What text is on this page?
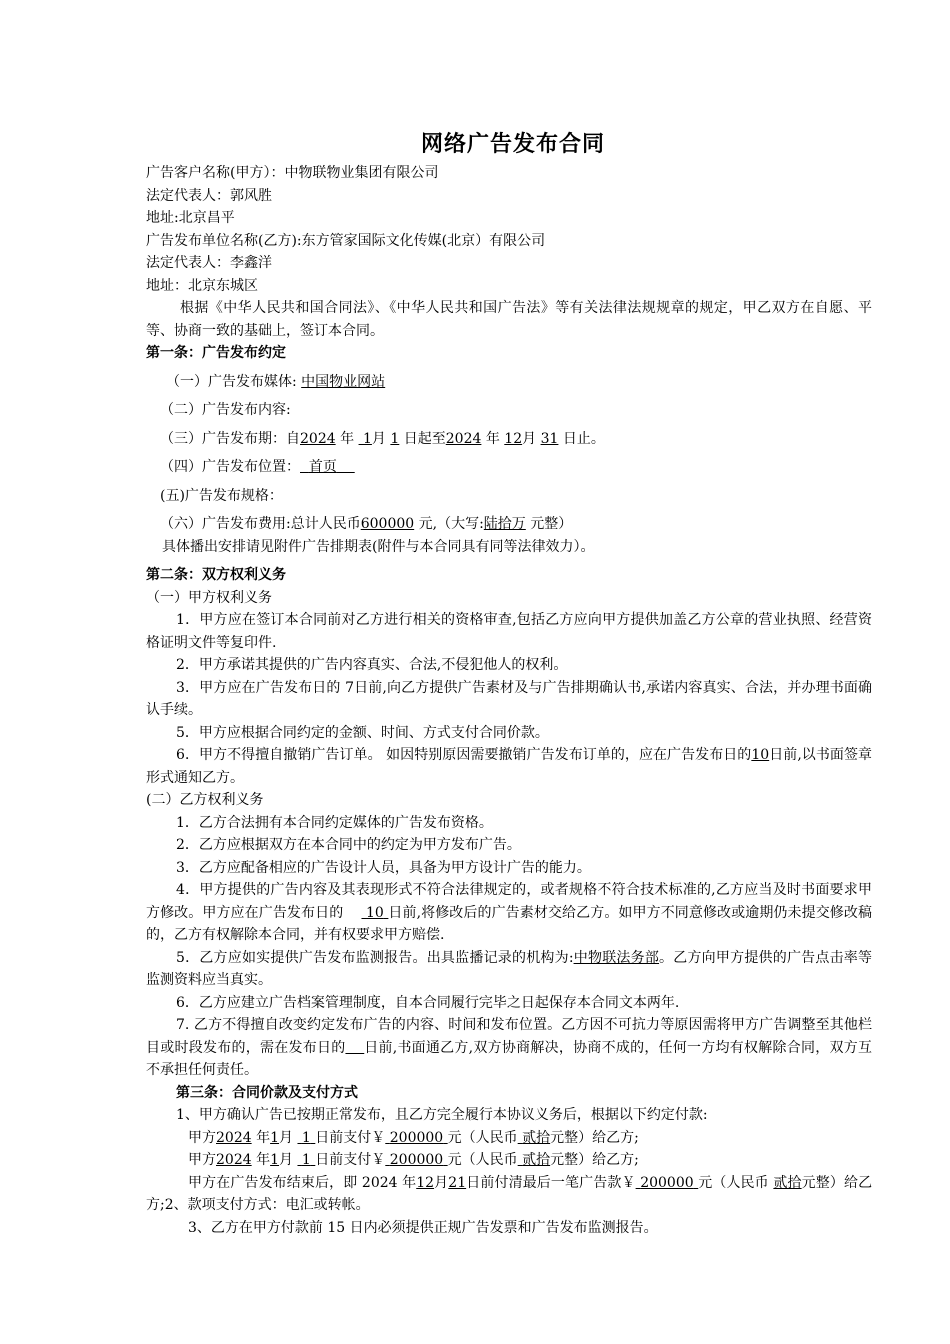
网络广告发布合同

广告客户名称(甲方）：中物联物业集团有限公司

法定代表人：郭风胜

地址:北京昌平

广告发布单位名称(乙方):东方管家国际文化传媒(北京）有限公司

法定代表人：李鑫洋

地址：北京东城区

根据《中华人民共和国合同法》、《中华人民共和国广告法》等有关法律法规规章的规定，甲乙双方在自愿、平等、协商一致的基础上，签订本合同。

第一条：广告发布约定

（一）广告发布媒体: 中国物业网站

（二）广告发布内容:

（三）广告发布期：自2024 年 1月 1 日起至2024 年 12月 31 日止。

（四）广告发布位置： 首页

(五)广告发布规格：

（六）广告发布费用:总计人民币600000 元,（大写:陆拾万 元整）

具体播出安排请见附件广告排期表(附件与本合同具有同等法律效力）。

第二条：双方权利义务

（一）甲方权利义务

1．甲方应在签订本合同前对乙方进行相关的资格审查,包括乙方应向甲方提供加盖乙方公章的营业执照、经营资格证明文件等复印件.

2．甲方承诺其提供的广告内容真实、合法,不侵犯他人的权利。

3．甲方应在广告发布日的 7日前,向乙方提供广告素材及与广告排期确认书,承诺内容真实、合法，并办理书面确认手续。

5．甲方应根据合同约定的金额、时间、方式支付合同价款。

6．甲方不得擅自撤销广告订单。 如因特别原因需要撤销广告发布订单的，应在广告发布日的10日前,以书面签章形式通知乙方。

(二）乙方权利义务

1．乙方合法拥有本合同约定媒体的广告发布资格。

2．乙方应根据双方在本合同中的约定为甲方发布广告。

3．乙方应配备相应的广告设计人员，具备为甲方设计广告的能力。

4．甲方提供的广告内容及其表现形式不符合法律规定的，或者规格不符合技术标准的,乙方应当及时书面要求甲方修改。甲方应在广告发布日的 10 日前,将修改后的广告素材交给乙方。如甲方不同意修改或逾期仍未提交修改稿的，乙方有权解除本合同，并有权要求甲方赔偿.

5．乙方应如实提供广告发布监测报告。出具监播记录的机构为:中物联法务部。乙方向甲方提供的广告点击率等监测资料应当真实。

6．乙方应建立广告档案管理制度，自本合同履行完毕之日起保存本合同文本两年.

7. 乙方不得擅自改变约定发布广告的内容、时间和发布位置。乙方因不可抗力等原因需将甲方广告调整至其他栏目或时段发布的，需在发布日的 日前,书面通乙方,双方协商解决，协商不成的，任何一方均有权解除合同，双方互不承担任何责任。

第三条：合同价款及支付方式

1、甲方确认广告已按期正常发布，且乙方完全履行本协议义务后，根据以下约定付款:

甲方2024 年1月 1 日前支付￥ 200000 元（人民币 贰拾元整）给乙方;

甲方2024 年1月 1 日前支付￥ 200000 元（人民币 贰拾元整）给乙方;

甲方在广告发布结束后，即 2024 年12月21日前付清最后一笔广告款￥ 200000 元（人民币 贰拾元整）给乙方;2、款项支付方式：电汇或转帐。

3、乙方在甲方付款前 15 日内必须提供正规广告发票和广告发布监测报告。
